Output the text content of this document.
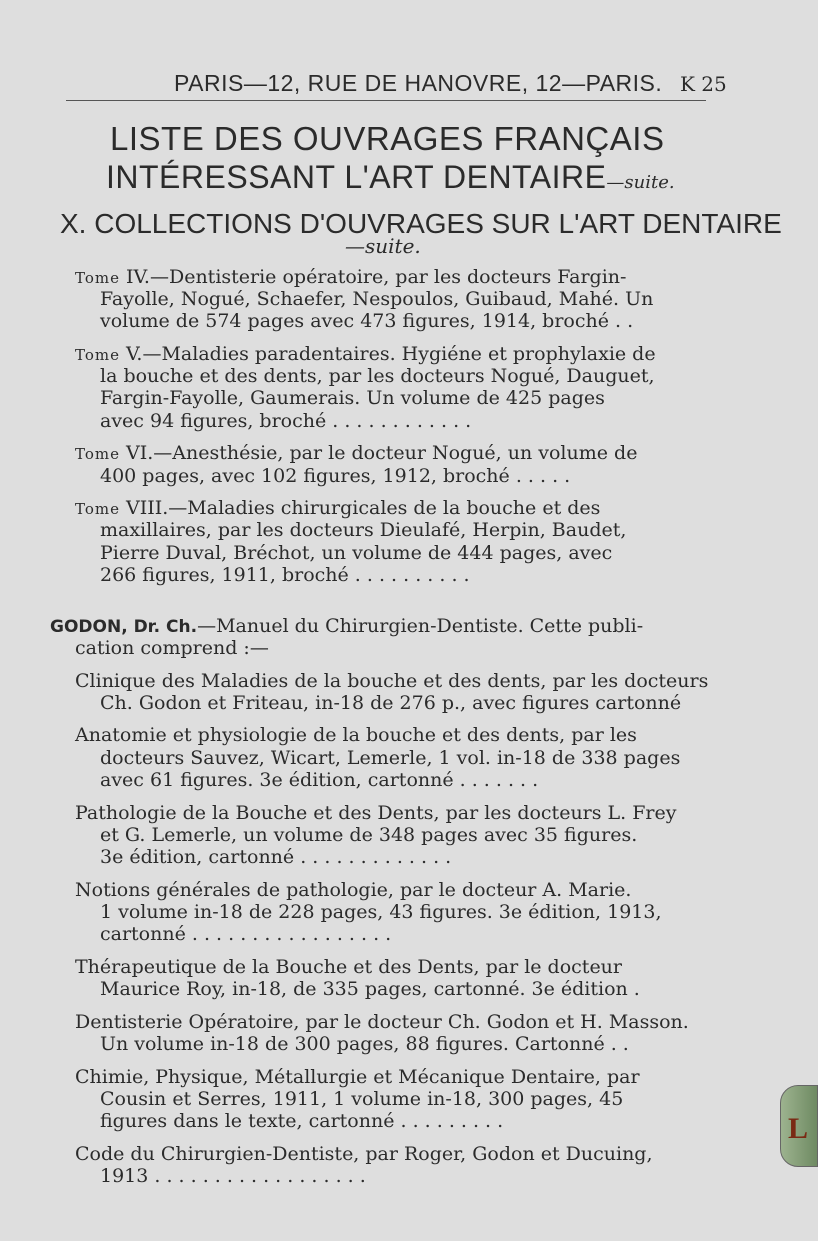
PARIS—12, RUE DE HANOVRE, 12—PARIS. K 25
LISTE DES OUVRAGES FRANÇAIS
INTÉRESSANT L'ART DENTAIRE—suite.
X. COLLECTIONS D'OUVRAGES SUR L'ART DENTAIRE
—suite.
Tome IV.—Dentisterie opératoire, par les docteurs Fargin-
Fayolle, Nogué, Schaefer, Nespoulos, Guibaud, Mahé. Un
volume de 574 pages avec 473 figures, 1914, broché . .
Tome V.—Maladies paradentaires. Hygiéne et prophylaxie de
la bouche et des dents, par les docteurs Nogué, Dauguet,
Fargin-Fayolle, Gaumerais. Un volume de 425 pages
avec 94 figures, broché . . . . . . . . . . . .
Tome VI.—Anesthésie, par le docteur Nogué, un volume de
400 pages, avec 102 figures, 1912, broché . . . . .
Tome VIII.—Maladies chirurgicales de la bouche et des
maxillaires, par les docteurs Dieulafé, Herpin, Baudet,
Pierre Duval, Bréchot, un volume de 444 pages, avec
266 figures, 1911, broché . . . . . . . . . .
GODON, Dr. Ch.—Manuel du Chirurgien-Dentiste. Cette publi-
cation comprend :—
Clinique des Maladies de la bouche et des dents, par les docteurs
Ch. Godon et Friteau, in-18 de 276 p., avec figures cartonné
Anatomie et physiologie de la bouche et des dents, par les
docteurs Sauvez, Wicart, Lemerle, 1 vol. in-18 de 338 pages
avec 61 figures. 3e édition, cartonné . . . . . . .
Pathologie de la Bouche et des Dents, par les docteurs L. Frey
et G. Lemerle, un volume de 348 pages avec 35 figures.
3e édition, cartonné . . . . . . . . . . . . .
Notions générales de pathologie, par le docteur A. Marie.
1 volume in-18 de 228 pages, 43 figures. 3e édition, 1913,
cartonné . . . . . . . . . . . . . . . . .
Thérapeutique de la Bouche et des Dents, par le docteur
Maurice Roy, in-18, de 335 pages, cartonné. 3e édition .
Dentisterie Opératoire, par le docteur Ch. Godon et H. Masson.
Un volume in-18 de 300 pages, 88 figures. Cartonné . .
Chimie, Physique, Métallurgie et Mécanique Dentaire, par
Cousin et Serres, 1911, 1 volume in-18, 300 pages, 45
figures dans le texte, cartonné . . . . . . . . .
Code du Chirurgien-Dentiste, par Roger, Godon et Ducuing,
1913 . . . . . . . . . . . . . . . . . .
L
